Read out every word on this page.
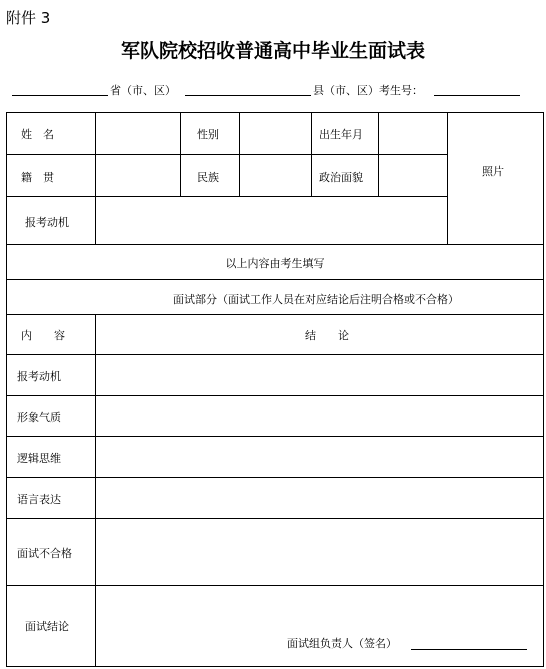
附件 3
军队院校招收普通高中毕业生面试表
省（市、区）	县（市、区）考生号：
姓　名	性别	出生年月
照片
籍　贯	民族	政治面貌
报考动机
以上内容由考生填写
面试部分（面试工作人员在对应结论后注明合格或不合格）
内　　容	结　　论
报考动机
形象气质
逻辑思维
语言表达
面试不合格
面试结论
面试组负责人（签名）
